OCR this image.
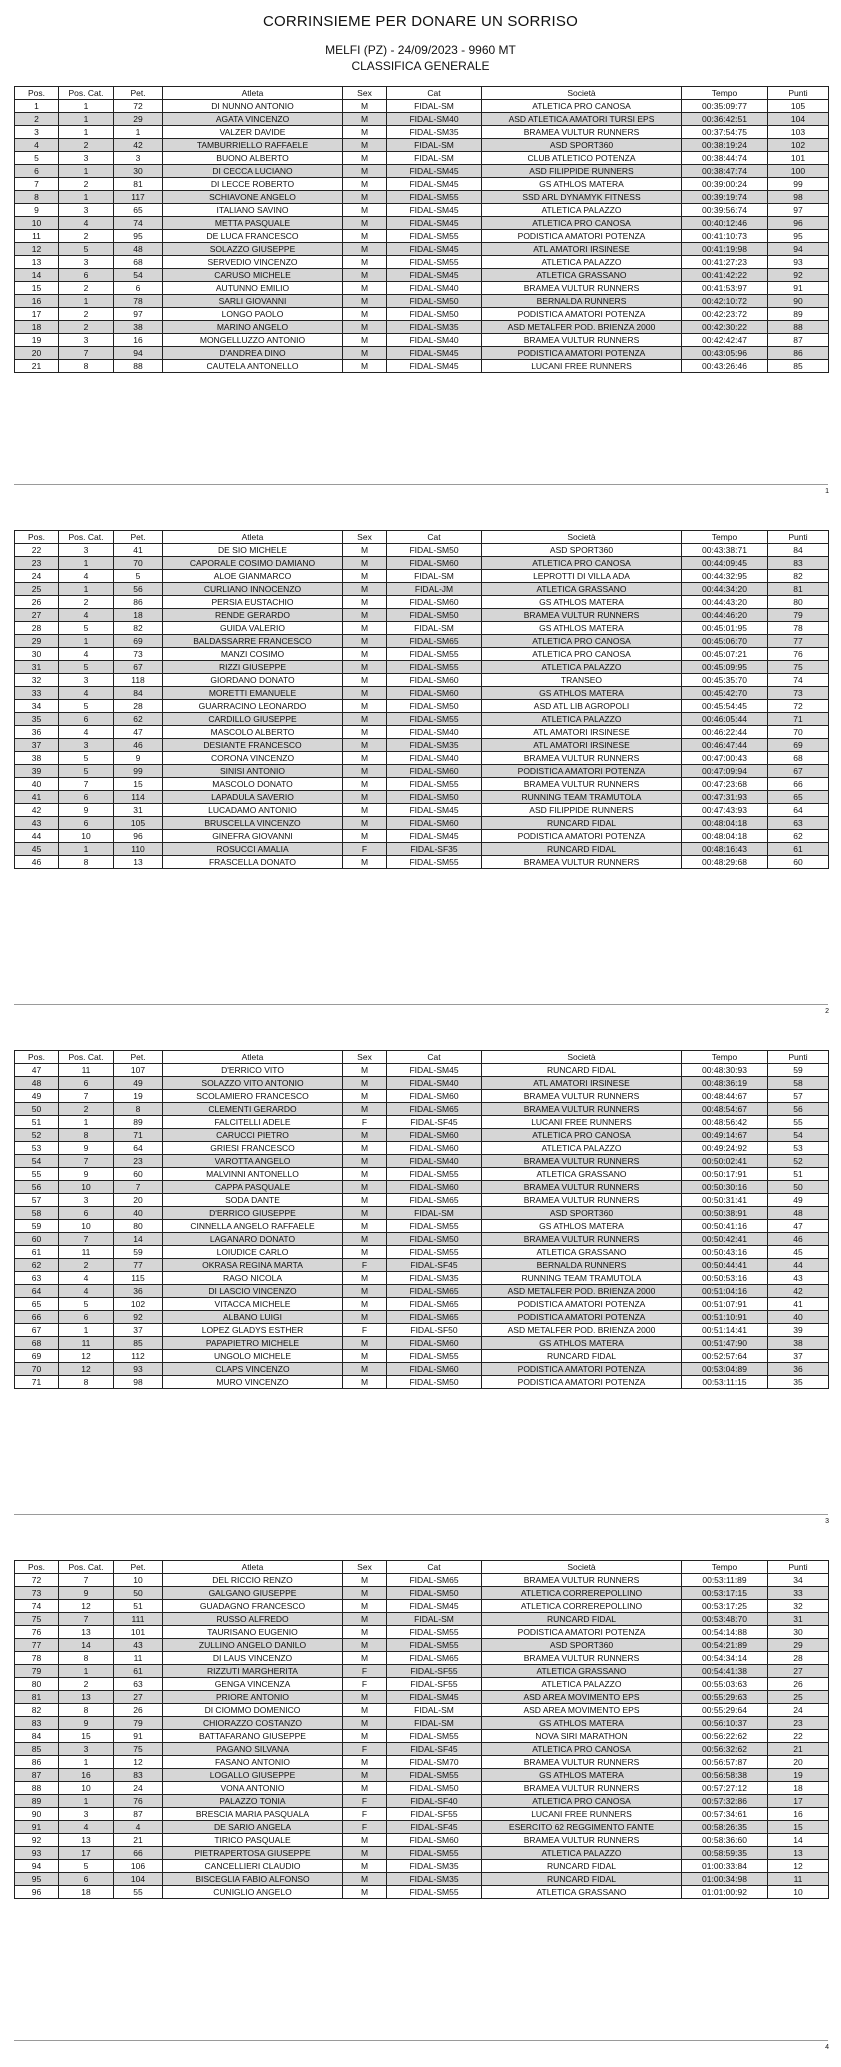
CORRINSIEME PER DONARE UN SORRISO
MELFI (PZ) - 24/09/2023 - 9960 MT
CLASSIFICA GENERALE
Pos.	Pos. Cat.	Pet.	Atleta	Sex	Cat	Società	Tempo	Punti
1	1	72	DI NUNNO ANTONIO	M	FIDAL-SM	ATLETICA PRO CANOSA	00:35:09:77	105
2	1	29	AGATA VINCENZO	M	FIDAL-SM40	ASD ATLETICA AMATORI TURSI EPS	00:36:42:51	104
3	1	1	VALZER DAVIDE	M	FIDAL-SM35	BRAMEA VULTUR RUNNERS	00:37:54:75	103
4	2	42	TAMBURRIELLO RAFFAELE	M	FIDAL-SM	ASD SPORT360	00:38:19:24	102
5	3	3	BUONO ALBERTO	M	FIDAL-SM	CLUB ATLETICO POTENZA	00:38:44:74	101
6	1	30	DI CECCA LUCIANO	M	FIDAL-SM45	ASD FILIPPIDE RUNNERS	00:38:47:74	100
7	2	81	DI LECCE ROBERTO	M	FIDAL-SM45	GS ATHLOS MATERA	00:39:00:24	99
8	1	117	SCHIAVONE ANGELO	M	FIDAL-SM55	SSD ARL DYNAMYK FITNESS	00:39:19:74	98
9	3	65	ITALIANO SAVINO	M	FIDAL-SM45	ATLETICA PALAZZO	00:39:56:74	97
10	4	74	METTA PASQUALE	M	FIDAL-SM45	ATLETICA PRO CANOSA	00:40:12:46	96
11	2	95	DE LUCA FRANCESCO	M	FIDAL-SM55	PODISTICA AMATORI POTENZA	00:41:10:73	95
12	5	48	SOLAZZO GIUSEPPE	M	FIDAL-SM45	ATL AMATORI IRSINESE	00:41:19:98	94
13	3	68	SERVEDIO VINCENZO	M	FIDAL-SM55	ATLETICA PALAZZO	00:41:27:23	93
14	6	54	CARUSO MICHELE	M	FIDAL-SM45	ATLETICA GRASSANO	00:41:42:22	92
15	2	6	AUTUNNO EMILIO	M	FIDAL-SM40	BRAMEA VULTUR RUNNERS	00:41:53:97	91
16	1	78	SARLI GIOVANNI	M	FIDAL-SM50	BERNALDA RUNNERS	00:42:10:72	90
17	2	97	LONGO PAOLO	M	FIDAL-SM50	PODISTICA AMATORI POTENZA	00:42:23:72	89
18	2	38	MARINO ANGELO	M	FIDAL-SM35	ASD METALFER POD. BRIENZA 2000	00:42:30:22	88
19	3	16	MONGELLUZZO ANTONIO	M	FIDAL-SM40	BRAMEA VULTUR RUNNERS	00:42:42:47	87
20	7	94	D'ANDREA DINO	M	FIDAL-SM45	PODISTICA AMATORI POTENZA	00:43:05:96	86
21	8	88	CAUTELA ANTONELLO	M	FIDAL-SM45	LUCANI FREE RUNNERS	00:43:26:46	85
1
Pos.	Pos. Cat.	Pet.	Atleta	Sex	Cat	Società	Tempo	Punti
22	3	41	DE SIO MICHELE	M	FIDAL-SM50	ASD SPORT360	00:43:38:71	84
23	1	70	CAPORALE COSIMO DAMIANO	M	FIDAL-SM60	ATLETICA PRO CANOSA	00:44:09:45	83
24	4	5	ALOE GIANMARCO	M	FIDAL-SM	LEPROTTI DI VILLA ADA	00:44:32:95	82
25	1	56	CURLIANO INNOCENZO	M	FIDAL-JM	ATLETICA GRASSANO	00:44:34:20	81
26	2	86	PERSIA EUSTACHIO	M	FIDAL-SM60	GS ATHLOS MATERA	00:44:43:20	80
27	4	18	RENDE GERARDO	M	FIDAL-SM50	BRAMEA VULTUR RUNNERS	00:44:46:20	79
28	5	82	GUIDA VALERIO	M	FIDAL-SM	GS ATHLOS MATERA	00:45:01:95	78
29	1	69	BALDASSARRE FRANCESCO	M	FIDAL-SM65	ATLETICA PRO CANOSA	00:45:06:70	77
30	4	73	MANZI COSIMO	M	FIDAL-SM55	ATLETICA PRO CANOSA	00:45:07:21	76
31	5	67	RIZZI GIUSEPPE	M	FIDAL-SM55	ATLETICA PALAZZO	00:45:09:95	75
32	3	118	GIORDANO DONATO	M	FIDAL-SM60	TRANSEO	00:45:35:70	74
33	4	84	MORETTI EMANUELE	M	FIDAL-SM60	GS ATHLOS MATERA	00:45:42:70	73
34	5	28	GUARRACINO LEONARDO	M	FIDAL-SM50	ASD ATL LIB AGROPOLI	00:45:54:45	72
35	6	62	CARDILLO GIUSEPPE	M	FIDAL-SM55	ATLETICA PALAZZO	00:46:05:44	71
36	4	47	MASCOLO ALBERTO	M	FIDAL-SM40	ATL AMATORI IRSINESE	00:46:22:44	70
37	3	46	DESIANTE FRANCESCO	M	FIDAL-SM35	ATL AMATORI IRSINESE	00:46:47:44	69
38	5	9	CORONA VINCENZO	M	FIDAL-SM40	BRAMEA VULTUR RUNNERS	00:47:00:43	68
39	5	99	SINISI ANTONIO	M	FIDAL-SM60	PODISTICA AMATORI POTENZA	00:47:09:94	67
40	7	15	MASCOLO DONATO	M	FIDAL-SM55	BRAMEA VULTUR RUNNERS	00:47:23:68	66
41	6	114	LAPADULA SAVERIO	M	FIDAL-SM50	RUNNING TEAM TRAMUTOLA	00:47:31:93	65
42	9	31	LUCADAMO ANTONIO	M	FIDAL-SM45	ASD FILIPPIDE RUNNERS	00:47:43:93	64
43	6	105	BRUSCELLA VINCENZO	M	FIDAL-SM60	RUNCARD FIDAL	00:48:04:18	63
44	10	96	GINEFRA GIOVANNI	M	FIDAL-SM45	PODISTICA AMATORI POTENZA	00:48:04:18	62
45	1	110	ROSUCCI AMALIA	F	FIDAL-SF35	RUNCARD FIDAL	00:48:16:43	61
46	8	13	FRASCELLA DONATO	M	FIDAL-SM55	BRAMEA VULTUR RUNNERS	00:48:29:68	60
2
Pos.	Pos. Cat.	Pet.	Atleta	Sex	Cat	Società	Tempo	Punti
47	11	107	D'ERRICO VITO	M	FIDAL-SM45	RUNCARD FIDAL	00:48:30:93	59
48	6	49	SOLAZZO VITO ANTONIO	M	FIDAL-SM40	ATL AMATORI IRSINESE	00:48:36:19	58
49	7	19	SCOLAMIERO FRANCESCO	M	FIDAL-SM60	BRAMEA VULTUR RUNNERS	00:48:44:67	57
50	2	8	CLEMENTI GERARDO	M	FIDAL-SM65	BRAMEA VULTUR RUNNERS	00:48:54:67	56
51	1	89	FALCITELLI ADELE	F	FIDAL-SF45	LUCANI FREE RUNNERS	00:48:56:42	55
52	8	71	CARUCCI PIETRO	M	FIDAL-SM60	ATLETICA PRO CANOSA	00:49:14:67	54
53	9	64	GRIESI FRANCESCO	M	FIDAL-SM60	ATLETICA PALAZZO	00:49:24:92	53
54	7	23	VAROTTA ANGELO	M	FIDAL-SM40	BRAMEA VULTUR RUNNERS	00:50:02:41	52
55	9	60	MALVINNI ANTONELLO	M	FIDAL-SM55	ATLETICA GRASSANO	00:50:17:91	51
56	10	7	CAPPA PASQUALE	M	FIDAL-SM60	BRAMEA VULTUR RUNNERS	00:50:30:16	50
57	3	20	SODA DANTE	M	FIDAL-SM65	BRAMEA VULTUR RUNNERS	00:50:31:41	49
58	6	40	D'ERRICO GIUSEPPE	M	FIDAL-SM	ASD SPORT360	00:50:38:91	48
59	10	80	CINNELLA ANGELO RAFFAELE	M	FIDAL-SM55	GS ATHLOS MATERA	00:50:41:16	47
60	7	14	LAGANARO DONATO	M	FIDAL-SM50	BRAMEA VULTUR RUNNERS	00:50:42:41	46
61	11	59	LOIUDICE CARLO	M	FIDAL-SM55	ATLETICA GRASSANO	00:50:43:16	45
62	2	77	OKRASA REGINA MARTA	F	FIDAL-SF45	BERNALDA RUNNERS	00:50:44:41	44
63	4	115	RAGO NICOLA	M	FIDAL-SM35	RUNNING TEAM TRAMUTOLA	00:50:53:16	43
64	4	36	DI LASCIO VINCENZO	M	FIDAL-SM65	ASD METALFER POD. BRIENZA 2000	00:51:04:16	42
65	5	102	VITACCA MICHELE	M	FIDAL-SM65	PODISTICA AMATORI POTENZA	00:51:07:91	41
66	6	92	ALBANO LUIGI	M	FIDAL-SM65	PODISTICA AMATORI POTENZA	00:51:10:91	40
67	1	37	LOPEZ GLADYS ESTHER	F	FIDAL-SF50	ASD METALFER POD. BRIENZA 2000	00:51:14:41	39
68	11	85	PAPAPIETRO MICHELE	M	FIDAL-SM60	GS ATHLOS MATERA	00:51:47:90	38
69	12	112	UNGOLO MICHELE	M	FIDAL-SM55	RUNCARD FIDAL	00:52:57:64	37
70	12	93	CLAPS VINCENZO	M	FIDAL-SM60	PODISTICA AMATORI POTENZA	00:53:04:89	36
71	8	98	MURO VINCENZO	M	FIDAL-SM50	PODISTICA AMATORI POTENZA	00:53:11:15	35
3
Pos.	Pos. Cat.	Pet.	Atleta	Sex	Cat	Società	Tempo	Punti
72	7	10	DEL RICCIO RENZO	M	FIDAL-SM65	BRAMEA VULTUR RUNNERS	00:53:11:89	34
73	9	50	GALGANO GIUSEPPE	M	FIDAL-SM50	ATLETICA CORREREPOLLINO	00:53:17:15	33
74	12	51	GUADAGNO FRANCESCO	M	FIDAL-SM45	ATLETICA CORREREPOLLINO	00:53:17:25	32
75	7	111	RUSSO ALFREDO	M	FIDAL-SM	RUNCARD FIDAL	00:53:48:70	31
76	13	101	TAURISANO EUGENIO	M	FIDAL-SM55	PODISTICA AMATORI POTENZA	00:54:14:88	30
77	14	43	ZULLINO ANGELO DANILO	M	FIDAL-SM55	ASD SPORT360	00:54:21:89	29
78	8	11	DI LAUS VINCENZO	M	FIDAL-SM65	BRAMEA VULTUR RUNNERS	00:54:34:14	28
79	1	61	RIZZUTI MARGHERITA	F	FIDAL-SF55	ATLETICA GRASSANO	00:54:41:38	27
80	2	63	GENGA VINCENZA	F	FIDAL-SF55	ATLETICA PALAZZO	00:55:03:63	26
81	13	27	PRIORE ANTONIO	M	FIDAL-SM45	ASD AREA MOVIMENTO EPS	00:55:29:63	25
82	8	26	DI CIOMMO DOMENICO	M	FIDAL-SM	ASD AREA MOVIMENTO EPS	00:55:29:64	24
83	9	79	CHIORAZZO COSTANZO	M	FIDAL-SM	GS ATHLOS MATERA	00:56:10:37	23
84	15	91	BATTAFARANO GIUSEPPE	M	FIDAL-SM55	NOVA SIRI MARATHON	00:56:22:62	22
85	3	75	PAGANO SILVANA	F	FIDAL-SF45	ATLETICA PRO CANOSA	00:56:32:62	21
86	1	12	FASANO ANTONIO	M	FIDAL-SM70	BRAMEA VULTUR RUNNERS	00:56:57:87	20
87	16	83	LOGALLO GIUSEPPE	M	FIDAL-SM55	GS ATHLOS MATERA	00:56:58:38	19
88	10	24	VONA ANTONIO	M	FIDAL-SM50	BRAMEA VULTUR RUNNERS	00:57:27:12	18
89	1	76	PALAZZO TONIA	F	FIDAL-SF40	ATLETICA PRO CANOSA	00:57:32:86	17
90	3	87	BRESCIA MARIA PASQUALA	F	FIDAL-SF55	LUCANI FREE RUNNERS	00:57:34:61	16
91	4	4	DE SARIO ANGELA	F	FIDAL-SF45	ESERCITO 62 REGGIMENTO FANTE	00:58:26:35	15
92	13	21	TIRICO PASQUALE	M	FIDAL-SM60	BRAMEA VULTUR RUNNERS	00:58:36:60	14
93	17	66	PIETRAPERTOSA GIUSEPPE	M	FIDAL-SM55	ATLETICA PALAZZO	00:58:59:35	13
94	5	106	CANCELLIERI CLAUDIO	M	FIDAL-SM35	RUNCARD FIDAL	01:00:33:84	12
95	6	104	BISCEGLIA FABIO ALFONSO	M	FIDAL-SM35	RUNCARD FIDAL	01:00:34:98	11
96	18	55	CUNIGLIO ANGELO	M	FIDAL-SM55	ATLETICA GRASSANO	01:01:00:92	10
4
